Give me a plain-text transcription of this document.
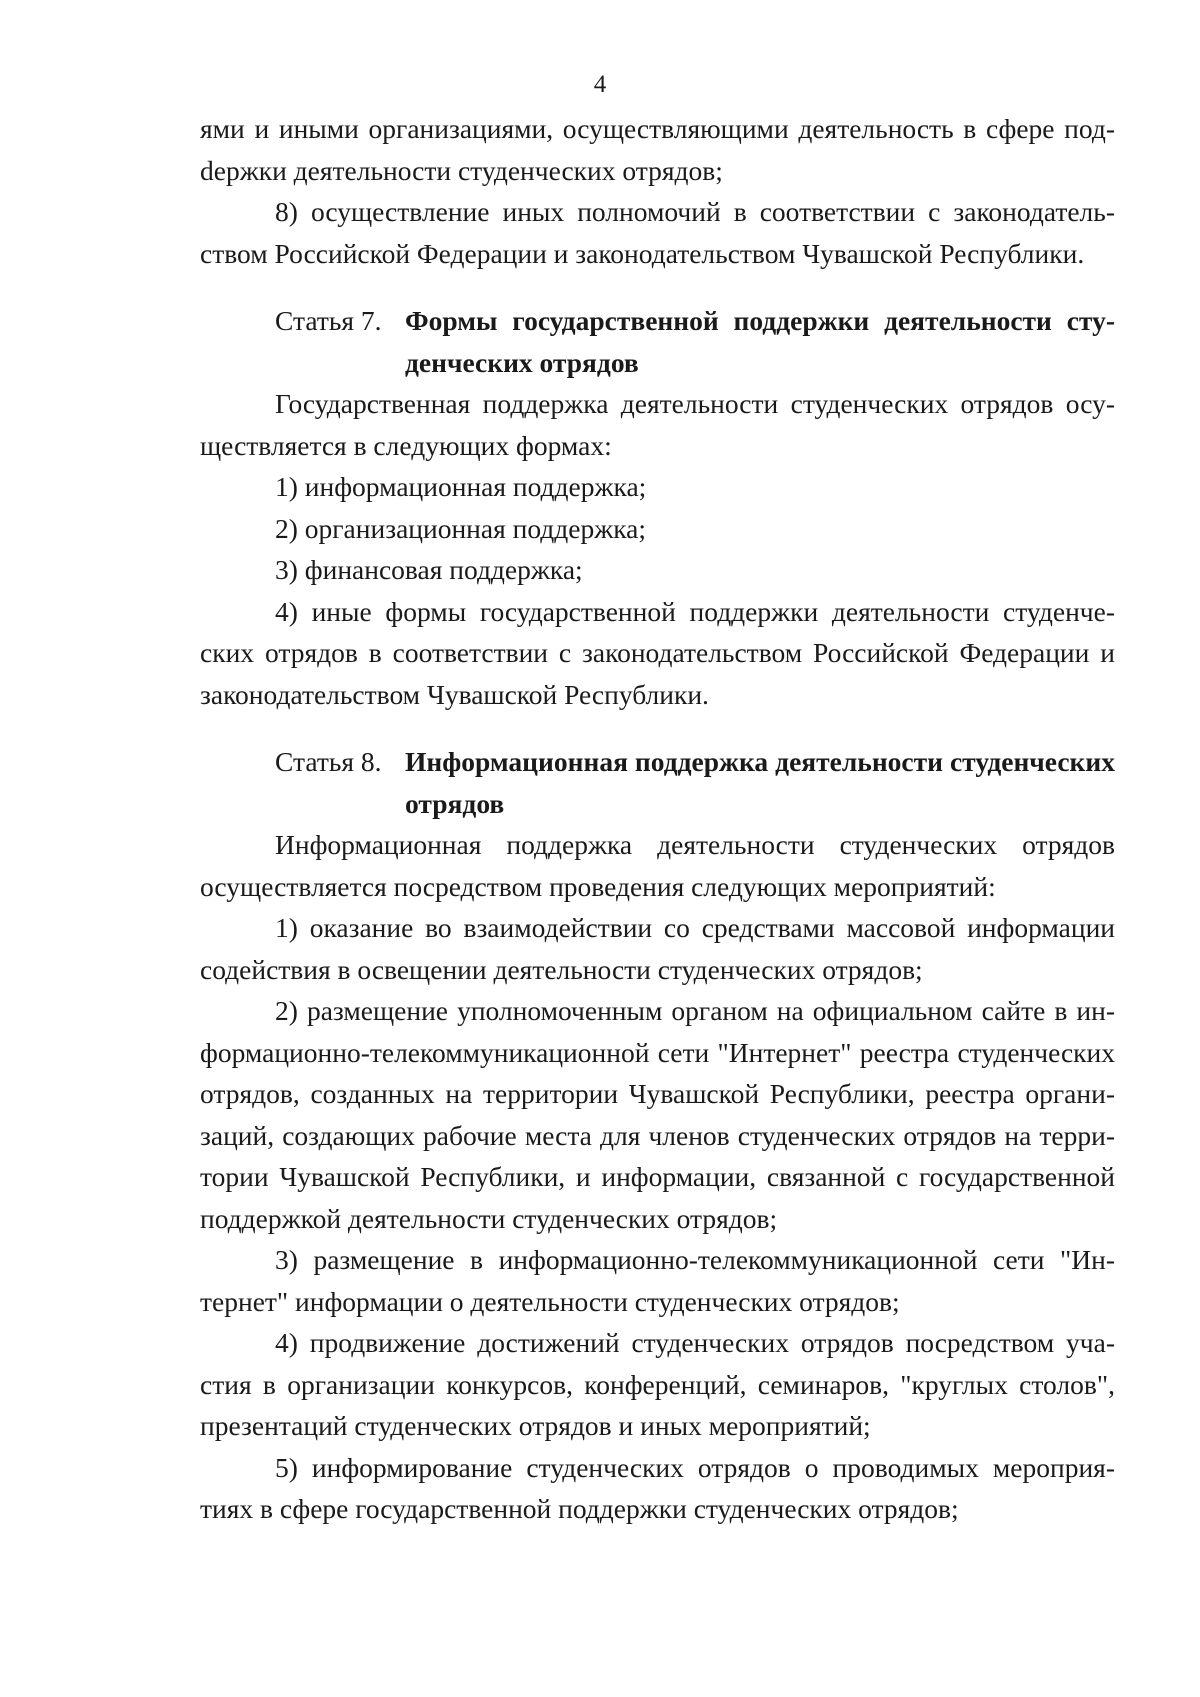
4

ями и иными организациями, осуществляющими деятельность в сфере подdержки деятельности студенческих отрядов;

8) осуществление иных полномочий в соответствии с законодательством Российской Федерации и законодательством Чувашской Республики.

Статья 7. Формы государственной поддержки деятельности студенческих отрядов

Государственная поддержка деятельности студенческих отрядов осуществляется в следующих формах:

1) информационная поддержка;

2) организационная поддержка;

3) финансовая поддержка;

4) иные формы государственной поддержки деятельности студенческих отрядов в соответствии с законодательством Российской Федерации и законодательством Чувашской Республики.

Статья 8. Информационная поддержка деятельности студенческих отрядов

Информационная поддержка деятельности студенческих отрядов осуществляется посредством проведения следующих мероприятий:

1) оказание во взаимодействии со средствами массовой информации содействия в освещении деятельности студенческих отрядов;

2) размещение уполномоченным органом на официальном сайте в информационно-телекоммуникационной сети "Интернет" реестра студенческих отрядов, созданных на территории Чувашской Республики, реестра организаций, создающих рабочие места для членов студенческих отрядов на территории Чувашской Республики, и информации, связанной с государственной поддержкой деятельности студенческих отрядов;

3) размещение в информационно-телекоммуникационной сети "Интернет" информации о деятельности студенческих отрядов;

4) продвижение достижений студенческих отрядов посредством участия в организации конкурсов, конференций, семинаров, "круглых столов", презентаций студенческих отрядов и иных мероприятий;

5) информирование студенческих отрядов о проводимых мероприятиях в сфере государственной поддержки студенческих отрядов;
